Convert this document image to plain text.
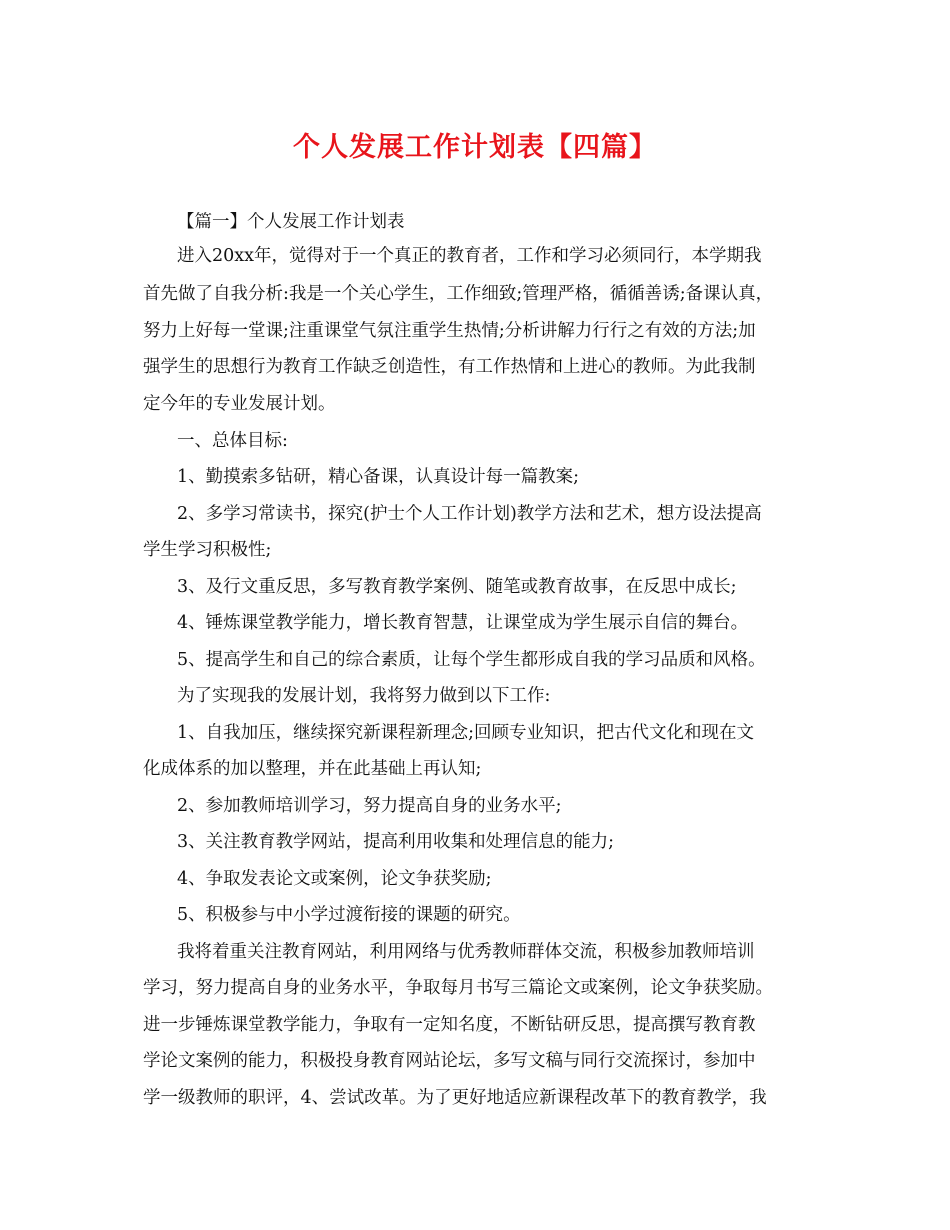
个人发展工作计划表【四篇】
【篇一】个人发展工作计划表
进入20xx年，觉得对于一个真正的教育者，工作和学习必须同行，本学期我
首先做了自我分析:我是一个关心学生，工作细致;管理严格，循循善诱;备课认真，
努力上好每一堂课;注重课堂气氛注重学生热情;分析讲解力行行之有效的方法;加
强学生的思想行为教育工作缺乏创造性，有工作热情和上进心的教师。为此我制
定今年的专业发展计划。
一、总体目标:
1、勤摸索多钻研，精心备课，认真设计每一篇教案;
2、多学习常读书，探究(护士个人工作计划)教学方法和艺术，想方设法提高
学生学习积极性;
3、及行文重反思，多写教育教学案例、随笔或教育故事，在反思中成长;
4、锤炼课堂教学能力，增长教育智慧，让课堂成为学生展示自信的舞台。
5、提高学生和自己的综合素质，让每个学生都形成自我的学习品质和风格。
为了实现我的发展计划，我将努力做到以下工作:
1、自我加压，继续探究新课程新理念;回顾专业知识，把古代文化和现在文
化成体系的加以整理，并在此基础上再认知;
2、参加教师培训学习，努力提高自身的业务水平;
3、关注教育教学网站，提高利用收集和处理信息的能力;
4、争取发表论文或案例，论文争获奖励;
5、积极参与中小学过渡衔接的课题的研究。
我将着重关注教育网站，利用网络与优秀教师群体交流，积极参加教师培训
学习，努力提高自身的业务水平，争取每月书写三篇论文或案例，论文争获奖励。
进一步锤炼课堂教学能力，争取有一定知名度，不断钻研反思，提高撰写教育教
学论文案例的能力，积极投身教育网站论坛，多写文稿与同行交流探讨，参加中
学一级教师的职评，4、尝试改革。为了更好地适应新课程改革下的教育教学，我
